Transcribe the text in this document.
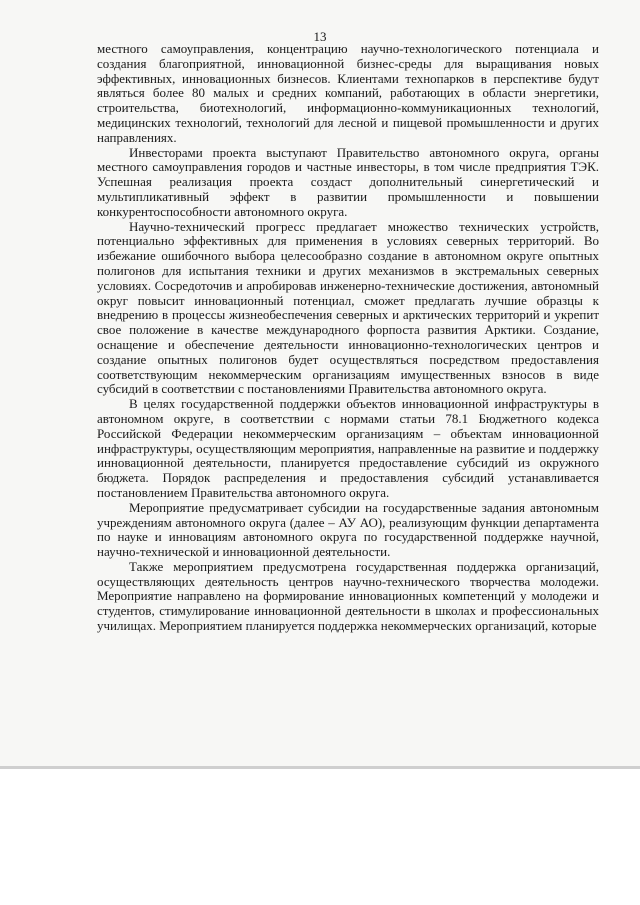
13

местного самоуправления, концентрацию научно-технологического потенциала и создания благоприятной, инновационной бизнес-среды для выращивания новых эффективных, инновационных бизнесов. Клиентами технопарков в перспективе будут являться более 80 малых и средних компаний, работающих в области энергетики, строительства, биотехнологий, информационно-коммуникационных технологий, медицинских технологий, технологий для лесной и пищевой промышленности и других направлениях.

Инвесторами проекта выступают Правительство автономного округа, органы местного самоуправления городов и частные инвесторы, в том числе предприятия ТЭК. Успешная реализация проекта создаст дополнительный синергетический и мультипликативный эффект в развитии промышленности и повышении конкурентоспособности автономного округа.

Научно-технический прогресс предлагает множество технических устройств, потенциально эффективных для применения в условиях северных территорий. Во избежание ошибочного выбора целесообразно создание в автономном округе опытных полигонов для испытания техники и других механизмов в экстремальных северных условиях. Сосредоточив и апробировав инженерно-технические достижения, автономный округ повысит инновационный потенциал, сможет предлагать лучшие образцы к внедрению в процессы жизнеобеспечения северных и арктических территорий и укрепит свое положение в качестве международного форпоста развития Арктики. Создание, оснащение и обеспечение деятельности инновационно-технологических центров и создание опытных полигонов будет осуществляться посредством предоставления соответствующим некоммерческим организациям имущественных взносов в виде субсидий в соответствии с постановлениями Правительства автономного округа.

В целях государственной поддержки объектов инновационной инфраструктуры в автономном округе, в соответствии с нормами статьи 78.1 Бюджетного кодекса Российской Федерации некоммерческим организациям – объектам инновационной инфраструктуры, осуществляющим мероприятия, направленные на развитие и поддержку инновационной деятельности, планируется предоставление субсидий из окружного бюджета. Порядок распределения и предоставления субсидий устанавливается постановлением Правительства автономного округа.

Мероприятие предусматривает субсидии на государственные задания автономным учреждениям автономного округа (далее – АУ АО), реализующим функции департамента по науке и инновациям автономного округа по государственной поддержке научной, научно-технической и инновационной деятельности.

Также мероприятием предусмотрена государственная поддержка организаций, осуществляющих деятельность центров научно-технического творчества молодежи. Мероприятие направлено на формирование инновационных компетенций у молодежи и студентов, стимулирование инновационной деятельности в школах и профессиональных училищах. Мероприятием планируется поддержка некоммерческих организаций, которые
